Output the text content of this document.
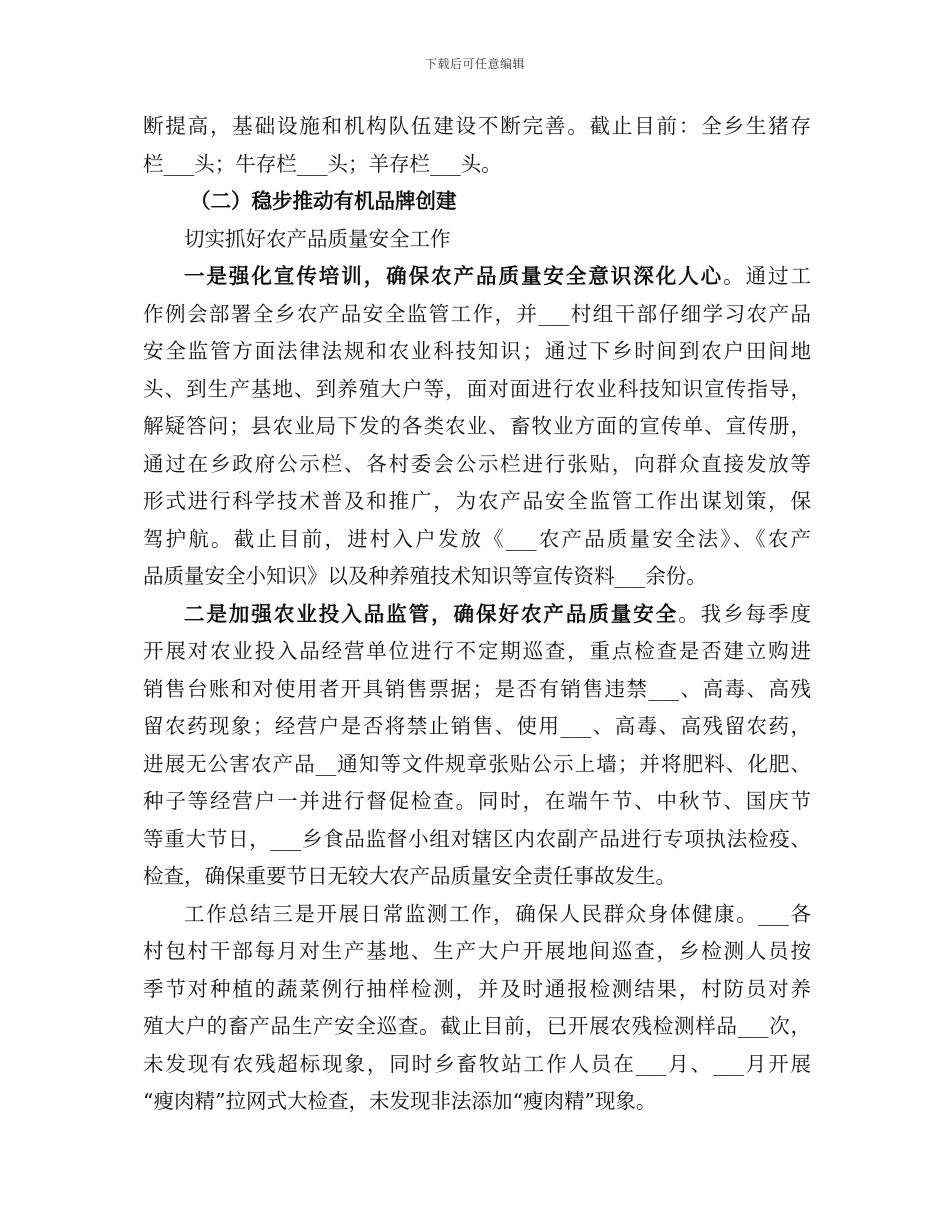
下载后可任意编辑
断提高，基础设施和机构队伍建设不断完善。截止目前：全乡生猪存
栏___头；牛存栏___头；羊存栏___头。
（二）稳步推动有机品牌创建
切实抓好农产品质量安全工作
一是强化宣传培训，确保农产品质量安全意识深化人心。通过工
作例会部署全乡农产品安全监管工作，并___村组干部仔细学习农产品
安全监管方面法律法规和农业科技知识；通过下乡时间到农户田间地
头、到生产基地、到养殖大户等，面对面进行农业科技知识宣传指导，
解疑答问；县农业局下发的各类农业、畜牧业方面的宣传单、宣传册，
通过在乡政府公示栏、各村委会公示栏进行张贴，向群众直接发放等
形式进行科学技术普及和推广，为农产品安全监管工作出谋划策，保
驾护航。截止目前，进村入户发放《___农产品质量安全法》、《农产
品质量安全小知识》以及种养殖技术知识等宣传资料___余份。
二是加强农业投入品监管，确保好农产品质量安全。我乡每季度
开展对农业投入品经营单位进行不定期巡查，重点检查是否建立购进
销售台账和对使用者开具销售票据；是否有销售违禁___、高毒、高残
留农药现象；经营户是否将禁止销售、使用___、高毒、高残留农药，
进展无公害农产品__通知等文件规章张贴公示上墙；并将肥料、化肥、
种子等经营户一并进行督促检查。同时，在端午节、中秋节、国庆节
等重大节日，___乡食品监督小组对辖区内农副产品进行专项执法检疫、
检查，确保重要节日无较大农产品质量安全责任事故发生。
工作总结三是开展日常监测工作，确保人民群众身体健康。___各
村包村干部每月对生产基地、生产大户开展地间巡查，乡检测人员按
季节对种植的蔬菜例行抽样检测，并及时通报检测结果，村防员对养
殖大户的畜产品生产安全巡查。截止目前，已开展农残检测样品___次，
未发现有农残超标现象，同时乡畜牧站工作人员在___月、___月开展
“瘦肉精”拉网式大检查，未发现非法添加“瘦肉精”现象。
